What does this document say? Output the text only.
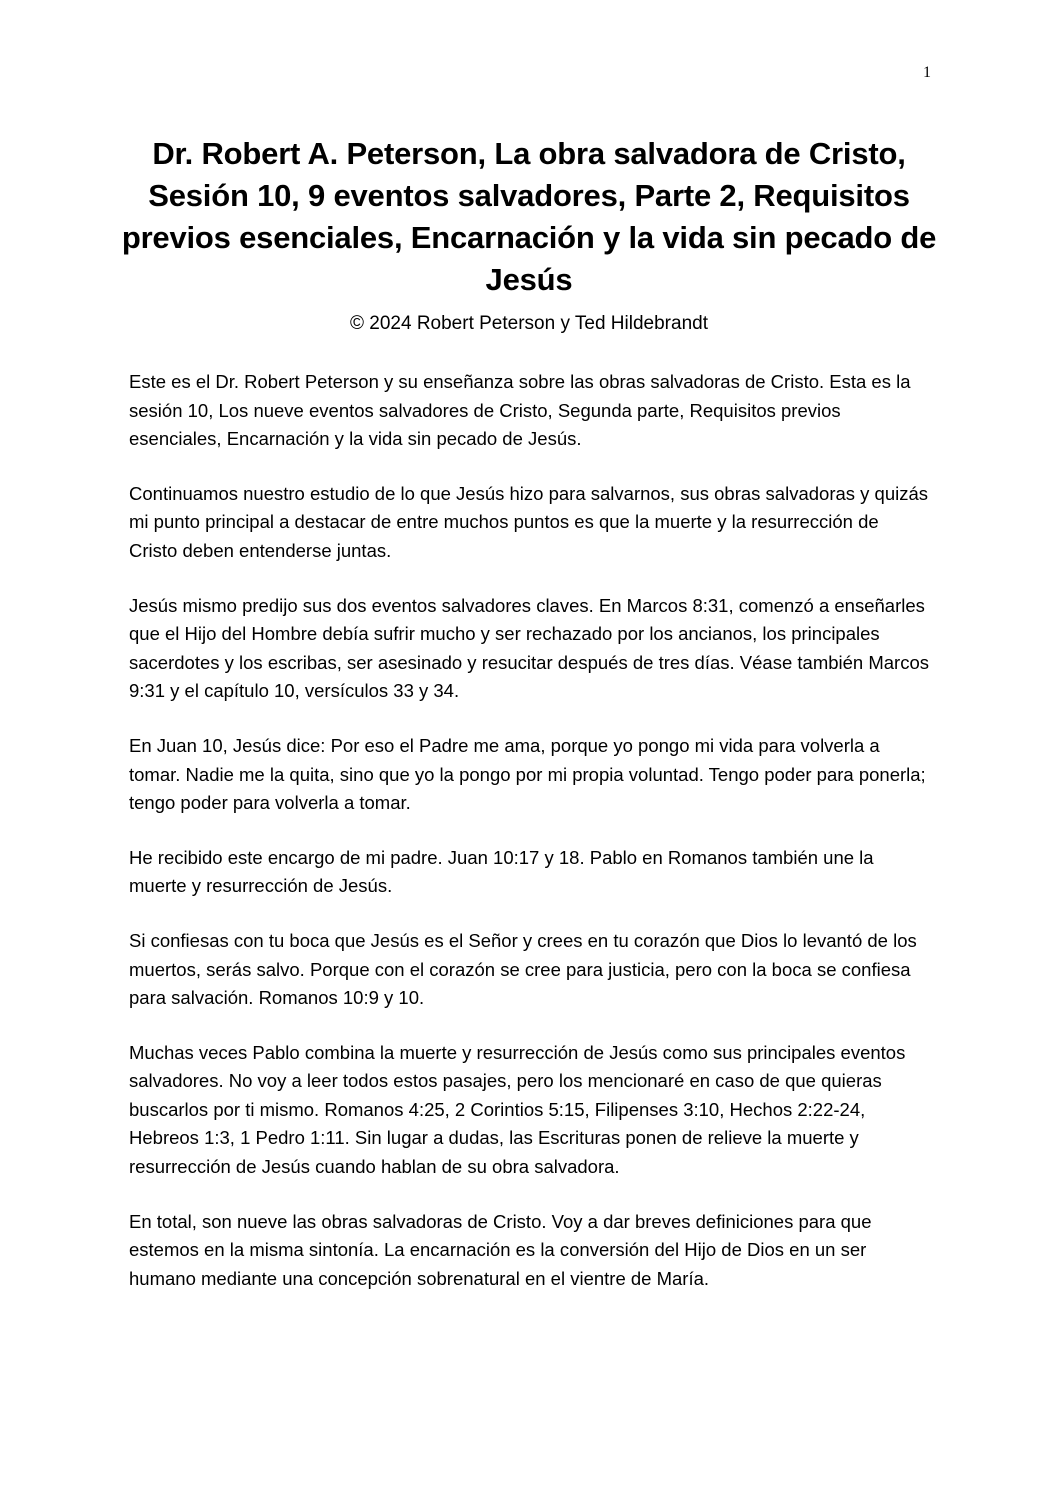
1
Dr. Robert A. Peterson, La obra salvadora de Cristo, Sesión 10, 9 eventos salvadores, Parte 2, Requisitos previos esenciales, Encarnación y la vida sin pecado de Jesús
© 2024 Robert Peterson y Ted Hildebrandt

Este es el Dr. Robert Peterson y su enseñanza sobre las obras salvadoras de Cristo. Esta es la sesión 10, Los nueve eventos salvadores de Cristo, Segunda parte, Requisitos previos esenciales, Encarnación y la vida sin pecado de Jesús.

Continuamos nuestro estudio de lo que Jesús hizo para salvarnos, sus obras salvadoras y quizás mi punto principal a destacar de entre muchos puntos es que la muerte y la resurrección de Cristo deben entenderse juntas.

Jesús mismo predijo sus dos eventos salvadores claves. En Marcos 8:31, comenzó a enseñarles que el Hijo del Hombre debía sufrir mucho y ser rechazado por los ancianos, los principales sacerdotes y los escribas, ser asesinado y resucitar después de tres días. Véase también Marcos 9:31 y el capítulo 10, versículos 33 y 34.

En Juan 10, Jesús dice: Por eso el Padre me ama, porque yo pongo mi vida para volverla a tomar. Nadie me la quita, sino que yo la pongo por mi propia voluntad. Tengo poder para ponerla; tengo poder para volverla a tomar.

He recibido este encargo de mi padre. Juan 10:17 y 18. Pablo en Romanos también une la muerte y resurrección de Jesús.

Si confiesas con tu boca que Jesús es el Señor y crees en tu corazón que Dios lo levantó de los muertos, serás salvo. Porque con el corazón se cree para justicia, pero con la boca se confiesa para salvación. Romanos 10:9 y 10.

Muchas veces Pablo combina la muerte y resurrección de Jesús como sus principales eventos salvadores. No voy a leer todos estos pasajes, pero los mencionaré en caso de que quieras buscarlos por ti mismo. Romanos 4:25, 2 Corintios 5:15, Filipenses 3:10, Hechos 2:22-24, Hebreos 1:3, 1 Pedro 1:11. Sin lugar a dudas, las Escrituras ponen de relieve la muerte y resurrección de Jesús cuando hablan de su obra salvadora.

En total, son nueve las obras salvadoras de Cristo. Voy a dar breves definiciones para que estemos en la misma sintonía. La encarnación es la conversión del Hijo de Dios en un ser humano mediante una concepción sobrenatural en el vientre de María.
